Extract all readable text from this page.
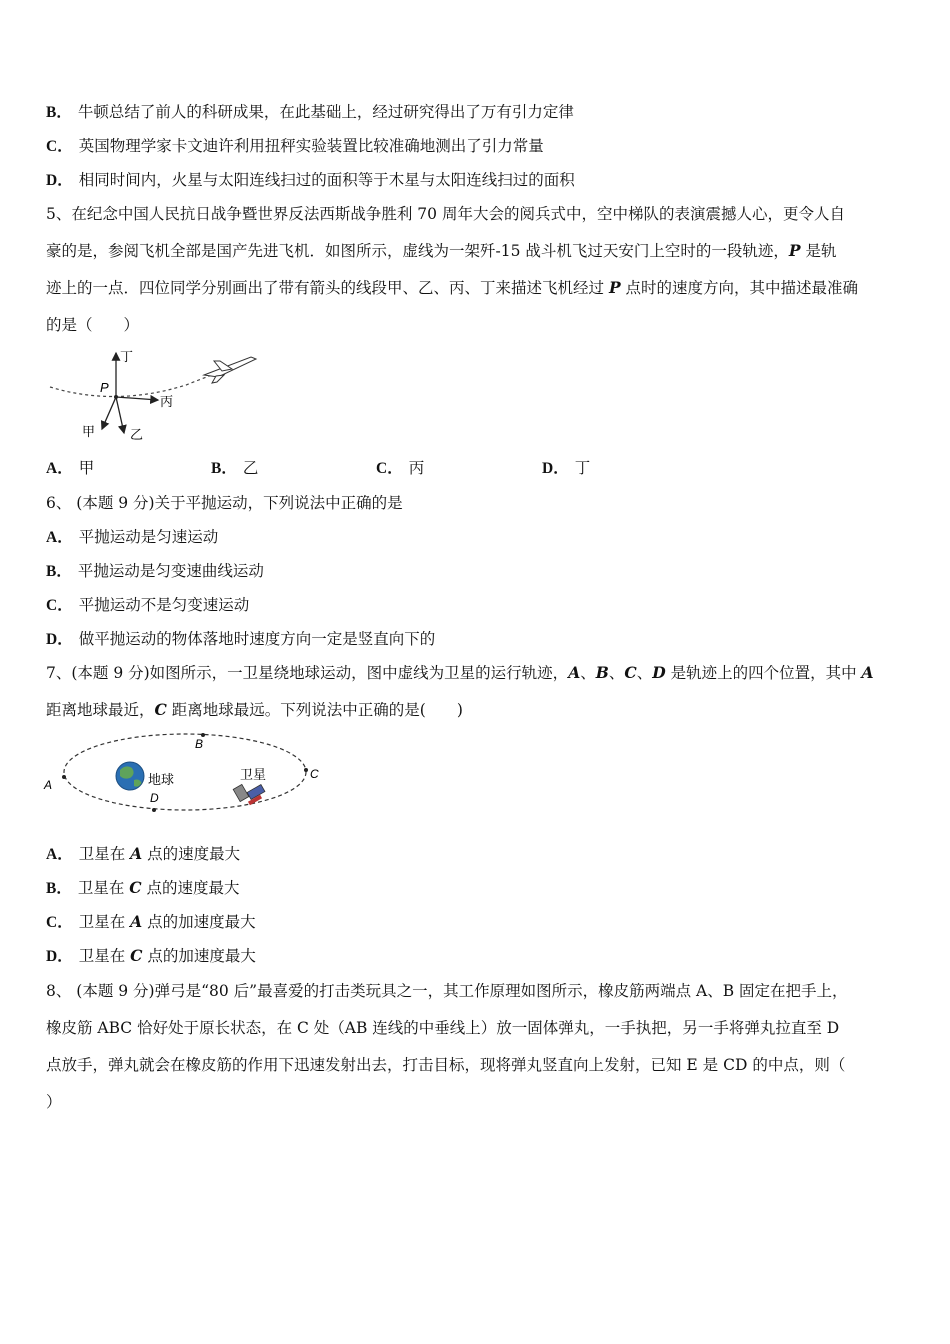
B． 牛顿总结了前人的科研成果，在此基础上，经过研究得出了万有引力定律
C． 英国物理学家卡文迪许利用扭秤实验装置比较准确地测出了引力常量
D． 相同时间内，火星与太阳连线扫过的面积等于木星与太阳连线扫过的面积
5、在纪念中国人民抗日战争暨世界反法西斯战争胜利 70 周年大会的阅兵式中，空中梯队的表演震撼人心，更令人自
豪的是，参阅飞机全部是国产先进飞机．如图所示，虚线为一架歼-15 战斗机飞过天安门上空时的一段轨迹，P 是轨
迹上的一点．四位同学分别画出了带有箭头的线段甲、乙、丙、丁来描述飞机经过 P 点时的速度方向，其中描述最准确
的是（　　）
P
丁
丙
甲	乙
A． 甲	B． 乙	C． 丙	D． 丁
6、 (本题 9 分)关于平抛运动，下列说法中正确的是
A． 平抛运动是匀速运动
B． 平抛运动是匀变速曲线运动
C． 平抛运动不是匀变速运动
D． 做平抛运动的物体落地时速度方向一定是竖直向下的
7、(本题 9 分)如图所示，一卫星绕地球运动，图中虚线为卫星的运行轨迹，A、B、C、D 是轨迹上的四个位置，其中 A
距离地球最近，C 距离地球最远。下列说法中正确的是(　　)
A
B
C
D
地球	卫星
A． 卫星在 A 点的速度最大
B． 卫星在 C 点的速度最大
C． 卫星在 A 点的加速度最大
D． 卫星在 C 点的加速度最大
8、 (本题 9 分)弹弓是“80 后”最喜爱的打击类玩具之一，其工作原理如图所示，橡皮筋两端点 A、B 固定在把手上，
橡皮筋 ABC 恰好处于原长状态，在 C 处（AB 连线的中垂线上）放一固体弹丸，一手执把，另一手将弹丸拉直至 D
点放手，弹丸就会在橡皮筋的作用下迅速发射出去，打击目标，现将弹丸竖直向上发射，已知 E 是 CD 的中点，则（
）
